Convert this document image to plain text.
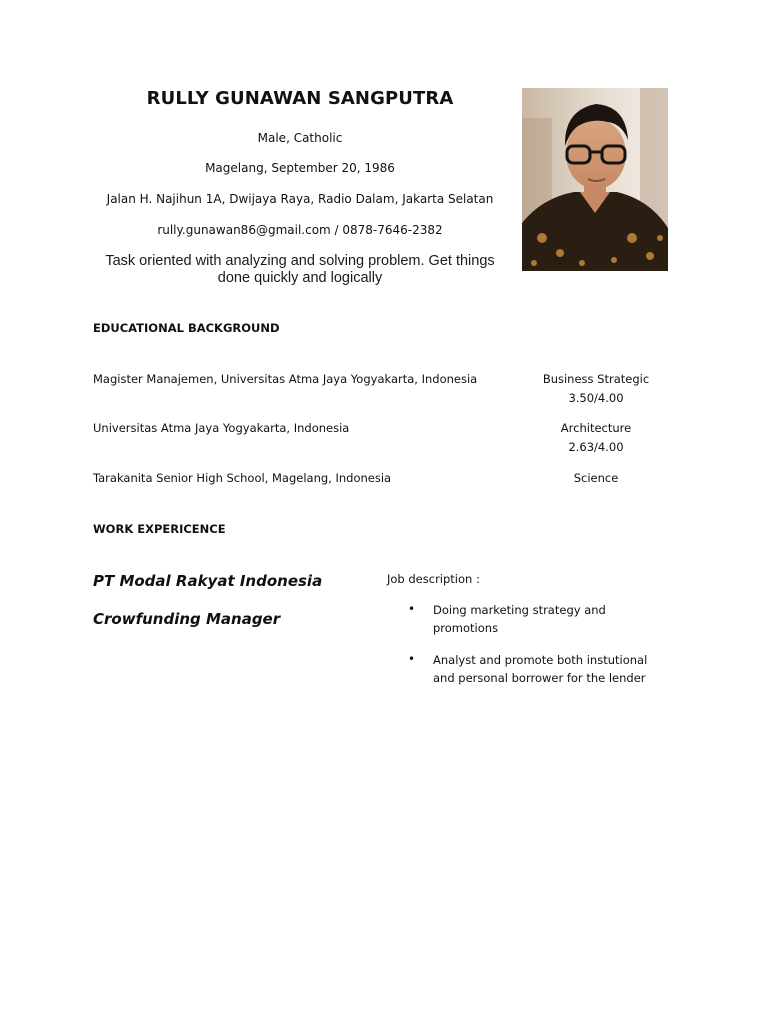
RULLY GUNAWAN SANGPUTRA
Male, Catholic
Magelang, September 20, 1986
Jalan H. Najihun 1A, Dwijaya Raya, Radio Dalam, Jakarta Selatan
rully.gunawan86@gmail.com / 0878-7646-2382
Task oriented with analyzing and solving problem. Get things
done quickly and logically
EDUCATIONAL BACKGROUND
Magister Manajemen, Universitas Atma Jaya Yogyakarta, Indonesia	Business Strategic
3.50/4.00
Universitas Atma Jaya Yogyakarta, Indonesia	Architecture
2.63/4.00
Tarakanita Senior High School, Magelang, Indonesia	Science
WORK EXPERICENCE
PT Modal Rakyat Indonesia
Crowfunding Manager
Job description :
• Doing marketing strategy and
promotions
• Analyst and promote both instutional
and personal borrower for the lender
